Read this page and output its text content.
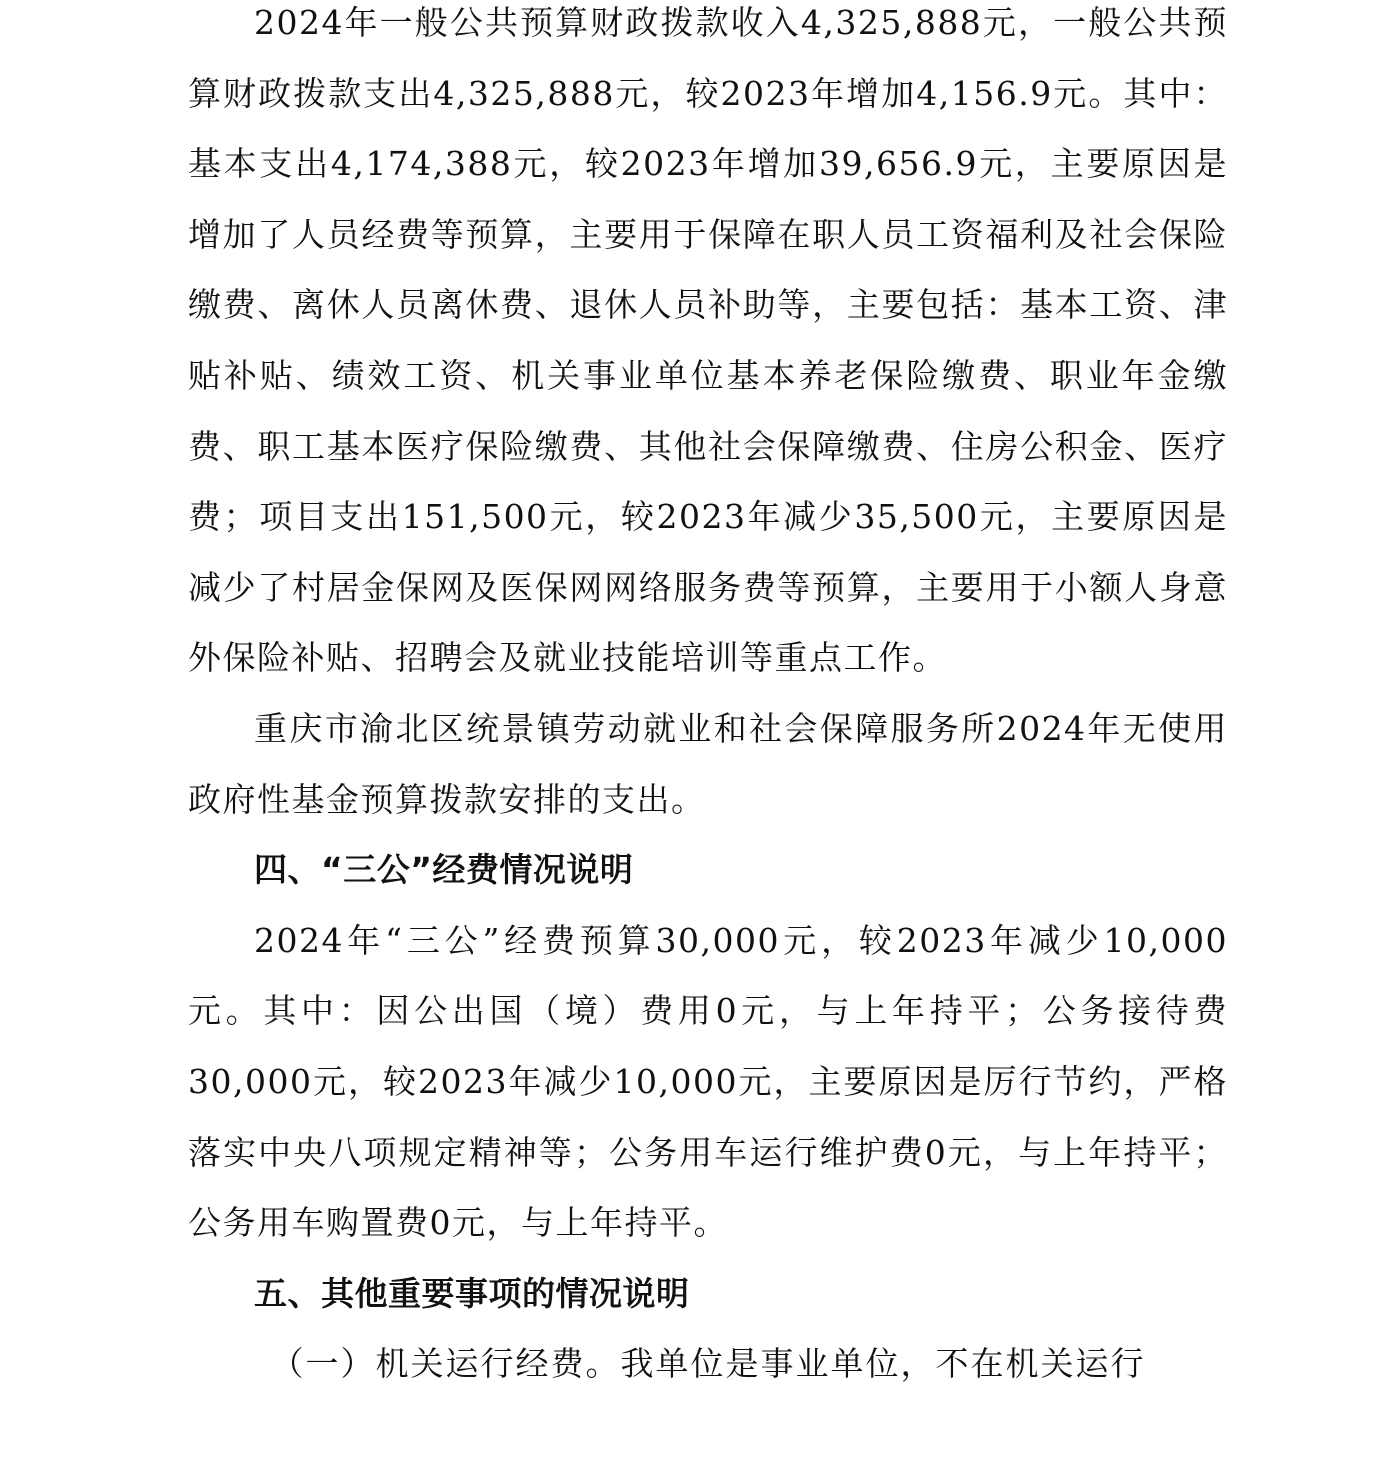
2024年一般公共预算财政拨款收入4,325,888元，一般公共预算财政拨款支出4,325,888元，较2023年增加4,156.9元。其中：基本支出4,174,388元，较2023年增加39,656.9元，主要原因是增加了人员经费等预算，主要用于保障在职人员工资福利及社会保险缴费、离休人员离休费、退休人员补助等，主要包括：基本工资、津贴补贴、绩效工资、机关事业单位基本养老保险缴费、职业年金缴费、职工基本医疗保险缴费、其他社会保障缴费、住房公积金、医疗费；项目支出151,500元，较2023年减少35,500元，主要原因是减少了村居金保网及医保网网络服务费等预算，主要用于小额人身意外保险补贴、招聘会及就业技能培训等重点工作。

重庆市渝北区统景镇劳动就业和社会保障服务所2024年无使用政府性基金预算拨款安排的支出。

四、“三公”经费情况说明

2024年“三公”经费预算30,000元，较2023年减少10,000元。其中：因公出国（境）费用0元，与上年持平；公务接待费30,000元，较2023年减少10,000元，主要原因是厉行节约，严格落实中央八项规定精神等；公务用车运行维护费0元，与上年持平；公务用车购置费0元，与上年持平。

五、其他重要事项的情况说明

（一）机关运行经费。我单位是事业单位，不在机关运行
